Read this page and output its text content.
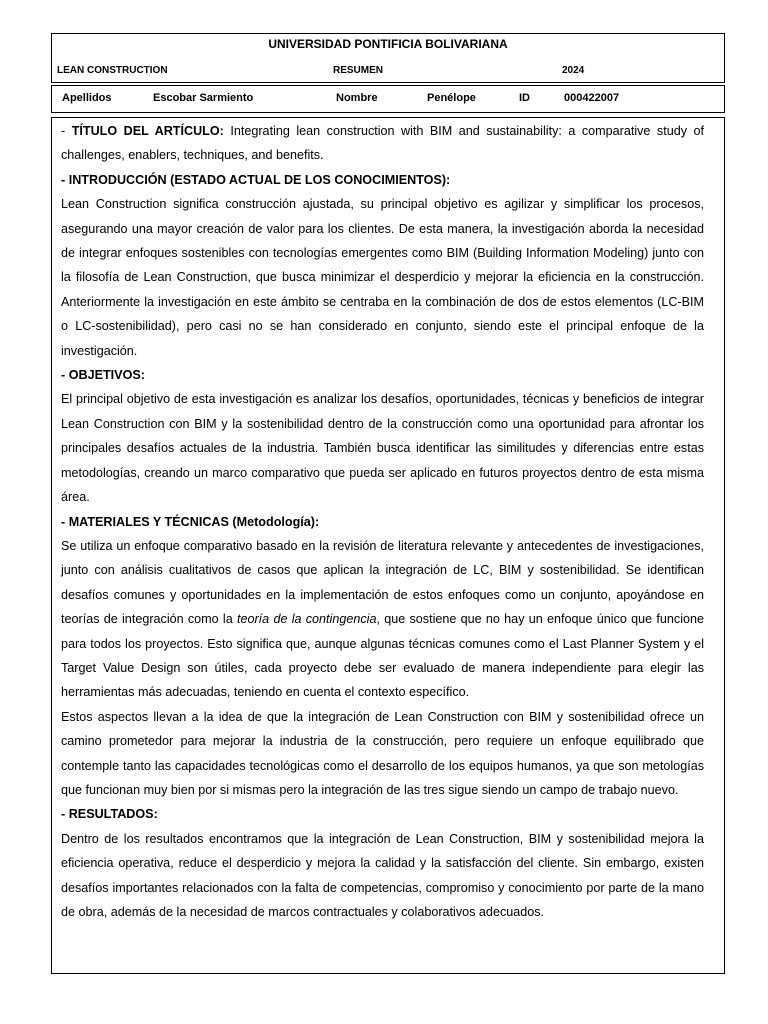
UNIVERSIDAD PONTIFICIA BOLIVARIANA
LEAN CONSTRUCTION	RESUMEN	2024
Apellidos	Escobar Sarmiento	Nombre	Penélope	ID	000422007

- TÍTULO DEL ARTÍCULO: Integrating lean construction with BIM and sustainability: a comparative study of challenges, enablers, techniques, and benefits.

- INTRODUCCIÓN (ESTADO ACTUAL DE LOS CONOCIMIENTOS):

Lean Construction significa construcción ajustada, su principal objetivo es agilizar y simplificar los procesos, asegurando una mayor creación de valor para los clientes. De esta manera, la investigación aborda la necesidad de integrar enfoques sostenibles con tecnologías emergentes como BIM (Building Information Modeling) junto con la filosofía de Lean Construction, que busca minimizar el desperdicio y mejorar la eficiencia en la construcción. Anteriormente la investigación en este ámbito se centraba en la combinación de dos de estos elementos (LC-BIM o LC-sostenibilidad), pero casi no se han considerado en conjunto, siendo este el principal enfoque de la investigación.

- OBJETIVOS:

El principal objetivo de esta investigación es analizar los desafíos, oportunidades, técnicas y beneficios de integrar Lean Construction con BIM y la sostenibilidad dentro de la construcción como una oportunidad para afrontar los principales desafíos actuales de la industria. También busca identificar las similitudes y diferencias entre estas metodologías, creando un marco comparativo que pueda ser aplicado en futuros proyectos dentro de esta misma área.

- MATERIALES Y TÉCNICAS (Metodología):

Se utiliza un enfoque comparativo basado en la revisión de literatura relevante y antecedentes de investigaciones, junto con análisis cualitativos de casos que aplican la integración de LC, BIM y sostenibilidad. Se identifican desafíos comunes y oportunidades en la implementación de estos enfoques como un conjunto, apoyándose en teorías de integración como la teoría de la contingencia, que sostiene que no hay un enfoque único que funcione para todos los proyectos. Esto significa que, aunque algunas técnicas comunes como el Last Planner System y el Target Value Design son útiles, cada proyecto debe ser evaluado de manera independiente para elegir las herramientas más adecuadas, teniendo en cuenta el contexto específico.

Estos aspectos llevan a la idea de que la integración de Lean Construction con BIM y sostenibilidad ofrece un camino prometedor para mejorar la industria de la construcción, pero requiere un enfoque equilibrado que contemple tanto las capacidades tecnológicas como el desarrollo de los equipos humanos, ya que son metologías que funcionan muy bien por si mismas pero la integración de las tres sigue siendo un campo de trabajo nuevo.

- RESULTADOS:

Dentro de los resultados encontramos que la integración de Lean Construction, BIM y sostenibilidad mejora la eficiencia operativa, reduce el desperdicio y mejora la calidad y la satisfacción del cliente. Sin embargo, existen desafíos importantes relacionados con la falta de competencias, compromiso y conocimiento por parte de la mano de obra, además de la necesidad de marcos contractuales y colaborativos adecuados.
